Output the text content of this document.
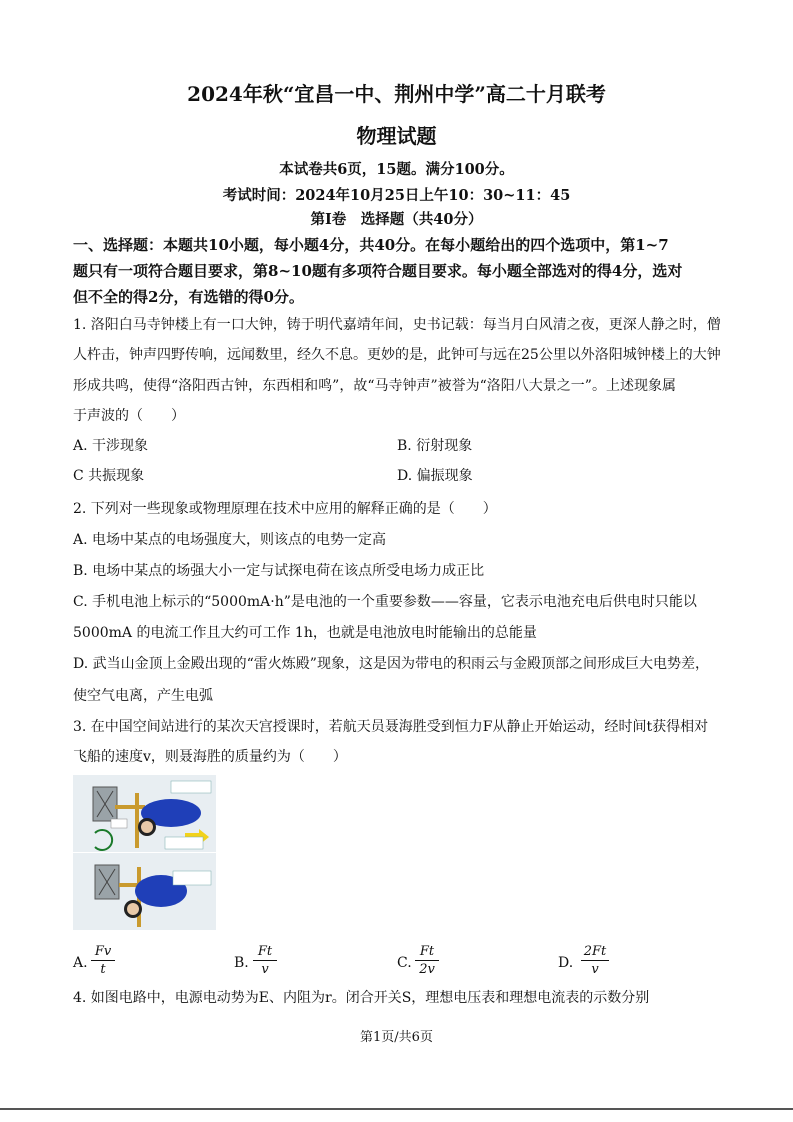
2024年秋“宜昌一中、荆州中学”高二十月联考
物理试题
本试卷共6页，15题。满分100分。
考试时间：2024年10月25日上午10：30~11：45
第Ⅰ卷　选择题（共40分）
一、选择题：本题共10小题，每小题4分，共40分。在每小题给出的四个选项中，第1~7
题只有一项符合题目要求，第8~10题有多项符合题目要求。每小题全部选对的得4分，选对
但不全的得2分，有选错的得0分。
1. 洛阳白马寺钟楼上有一口大钟，铸于明代嘉靖年间，史书记载：每当月白风清之夜，更深人静之时，僧
人杵击，钟声四野传响，远闻数里，经久不息。更妙的是，此钟可与远在25公里以外洛阳城钟楼上的大钟
形成共鸣，使得“洛阳西古钟，东西相和鸣”，故“马寺钟声”被誉为“洛阳八大景之一”。上述现象属
于声波的（　　）
A. 干涉现象	B. 衍射现象
C 共振现象	D. 偏振现象
2. 下列对一些现象或物理原理在技术中应用的解释正确的是（　　）
A. 电场中某点的电场强度大，则该点的电势一定高
B. 电场中某点的场强大小一定与试探电荷在该点所受电场力成正比
C. 手机电池上标示的“5000mA·h”是电池的一个重要参数——容量，它表示电池充电后供电时只能以
5000mA 的电流工作且大约可工作 1h，也就是电池放电时能输出的总能量
D. 武当山金顶上金殿出现的“雷火炼殿”现象，这是因为带电的积雨云与金殿顶部之间形成巨大电势差，
使空气电离，产生电弧
3. 在中国空间站进行的某次天宫授课时，若航天员聂海胜受到恒力F从静止开始运动，经时间t获得相对
飞船的速度v，则聂海胜的质量约为（　　）
A.
Fv
t	B.
Ft
v	C.
Ft
2v	D.
2Ft
v
4. 如图电路中，电源电动势为E、内阻为r。闭合开关S，理想电压表和理想电流表的示数分别
第1页/共6页
